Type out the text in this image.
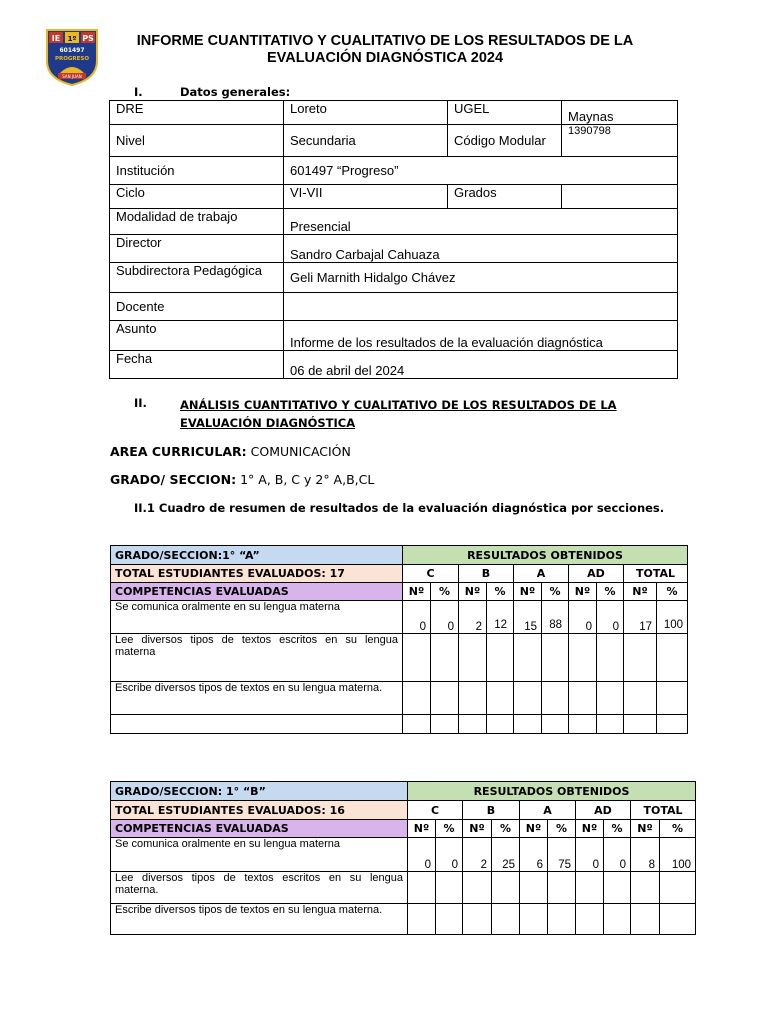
IE 1º PS
601497
PROGRESO
SAN JUAN
INFORME CUANTITATIVO Y CUALITATIVO DE LOS RESULTADOS DE LA
EVALUACIÓN DIAGNÓSTICA 2024
I.	Datos generales:
DRE	Loreto	UGEL	Maynas
Nivel	Secundaria	Código Modular	1390798
Institución	601497 “Progreso”		
Ciclo	VI-VII	Grados	
Modalidad de trabajo	Presencial		
Director	Sandro Carbajal Cahuaza		
Subdirectora Pedagógica	Geli Marnith Hidalgo Chávez		
Docente			
Asunto	Informe de los resultados de la evaluación diagnóstica		
Fecha	06 de abril del 2024		
II.	ANÁLISIS CUANTITATIVO Y CUALITATIVO DE LOS RESULTADOS DE LA
EVALUACIÓN DIAGNÓSTICA
AREA CURRICULAR: COMUNICACIÓN
GRADO/ SECCION: 1° A, B, C y 2° A,B,CL
II.1 Cuadro de resumen de resultados de la evaluación diagnóstica por secciones.
GRADO/SECCION:1° “A”	RESULTADOS OBTENIDOS									
TOTAL ESTUDIANTES EVALUADOS: 17	C		B		A		AD		TOTAL	
COMPETENCIAS EVALUADAS	Nº	%	Nº	%	Nº	%	Nº	%	Nº	%
Se comunica oralmente en su lengua materna	0	0	2	12	15	88	0	0	17	100
Lee diversos tipos de textos escritos en su lengua materna										
Escribe diversos tipos de textos en su lengua materna.										

GRADO/SECCION: 1° “B”	RESULTADOS OBTENIDOS									
TOTAL ESTUDIANTES EVALUADOS: 16	C		B		A		AD		TOTAL	
COMPETENCIAS EVALUADAS	Nº	%	Nº	%	Nº	%	Nº	%	Nº	%
Se comunica oralmente en su lengua materna	0	0	2	25	6	75	0	0	8	100
Lee diversos tipos de textos escritos en su lengua materna.										
Escribe diversos tipos de textos en su lengua materna.										
